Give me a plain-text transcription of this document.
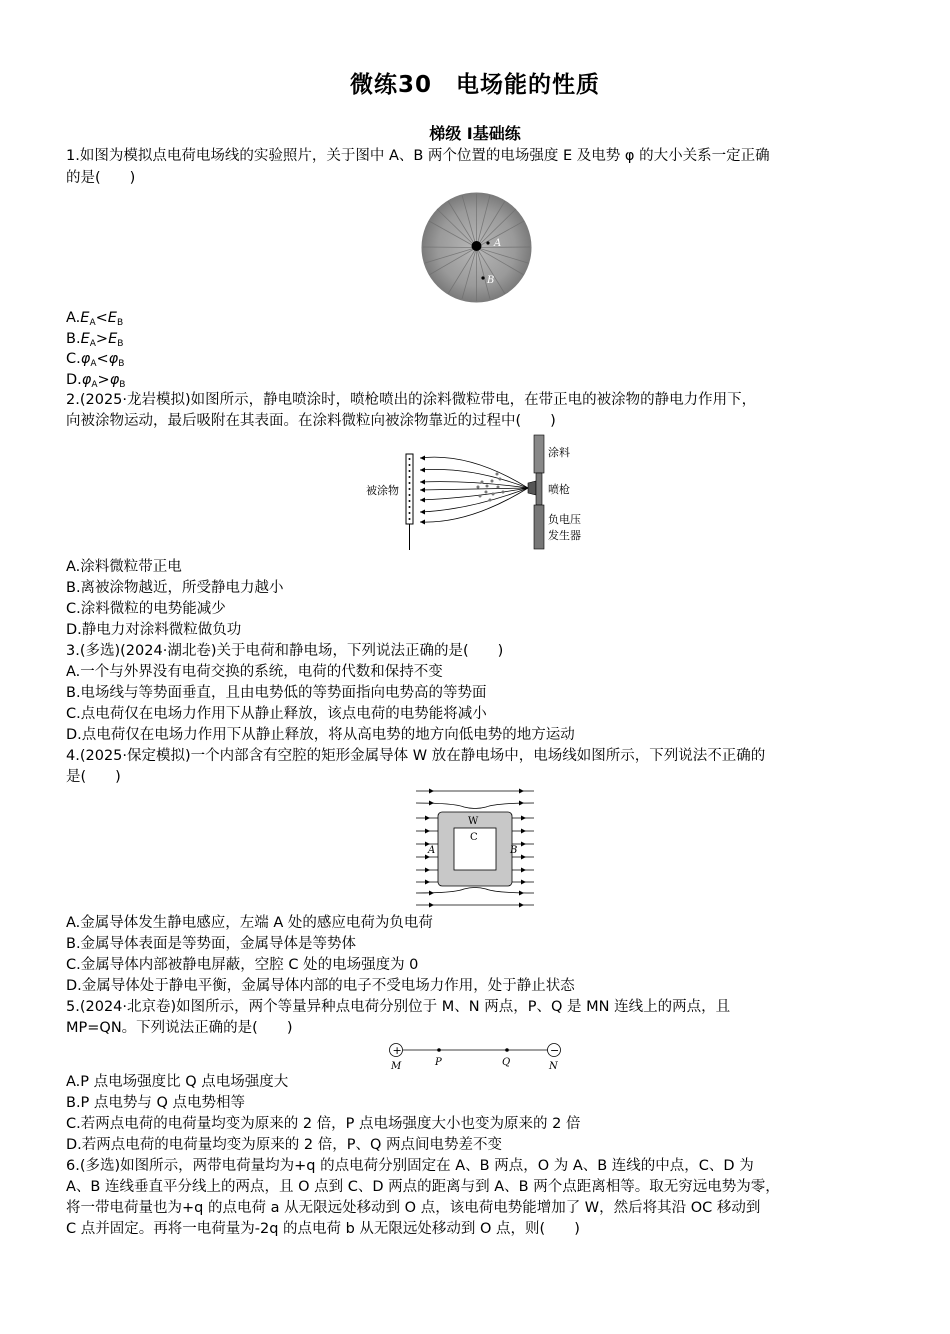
微练30　电场能的性质
梯级 Ⅰ基础练
1.如图为模拟点电荷电场线的实验照片，关于图中 A、B 两个位置的电场强度 E 及电势 φ 的大小关系一定正确
的是(　　)
A
B
$A.E_A<E_B$
$B.E_A>E_B$
$C.\varphi_A<\varphi_B$
$D.\varphi_A>\varphi_B$
2.(2025·龙岩模拟)如图所示，静电喷涂时，喷枪喷出的涂料微粒带电，在带正电的被涂物的静电力作用下，
向被涂物运动，最后吸附在其表面。在涂料微粒向被涂物靠近的过程中(　　)
被涂物
涂料
喷枪
负电压
发生器
A.涂料微粒带正电
B.离被涂物越近，所受静电力越小
C.涂料微粒的电势能减少
D.静电力对涂料微粒做负功
3.(多选)(2024·湖北卷)关于电荷和静电场，下列说法正确的是(　　)
A.一个与外界没有电荷交换的系统，电荷的代数和保持不变
B.电场线与等势面垂直，且由电势低的等势面指向电势高的等势面
C.点电荷仅在电场力作用下从静止释放，该点电荷的电势能将减小
D.点电荷仅在电场力作用下从静止释放，将从高电势的地方向低电势的地方运动
4.(2025·保定模拟)一个内部含有空腔的矩形金属导体 W 放在静电场中，电场线如图所示，下列说法不正确的
是(　　)
W
C
A	B
A.金属导体发生静电感应，左端 A 处的感应电荷为负电荷
B.金属导体表面是等势面，金属导体是等势体
C.金属导体内部被静电屏蔽，空腔 C 处的电场强度为 0
D.金属导体处于静电平衡，金属导体内部的电子不受电场力作用，处于静止状态
5.(2024·北京卷)如图所示，两个等量异种点电荷分别位于 M、N 两点，P、Q 是 MN 连线上的两点，且
MP=QN。下列说法正确的是(　　)
+	−
M	P	Q	N
A.P 点电场强度比 Q 点电场强度大
B.P 点电势与 Q 点电势相等
C.若两点电荷的电荷量均变为原来的 2 倍，P 点电场强度大小也变为原来的 2 倍
D.若两点电荷的电荷量均变为原来的 2 倍，P、Q 两点间电势差不变
6.(多选)如图所示，两带电荷量均为+q 的点电荷分别固定在 A、B 两点，O 为 A、B 连线的中点，C、D 为
A、B 连线垂直平分线上的两点，且 O 点到 C、D 两点的距离与到 A、B 两个点距离相等。取无穷远电势为零，
将一带电荷量也为+q 的点电荷 a 从无限远处移动到 O 点，该电荷电势能增加了 W，然后将其沿 OC 移动到
C 点并固定。再将一电荷量为-2q 的点电荷 b 从无限远处移动到 O 点，则(　　)
